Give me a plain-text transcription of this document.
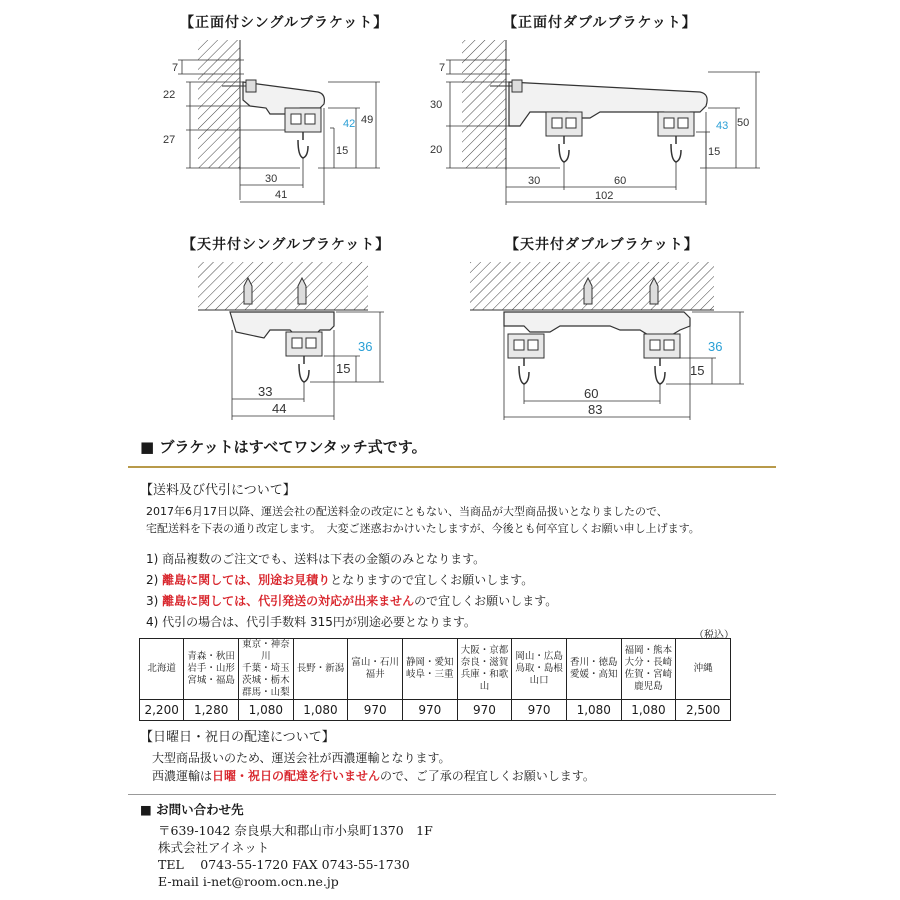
【正面付シングルブラケット】	【正面付ダブルブラケット】
【天井付シングルブラケット】	【天井付ダブルブラケット】
22
27
7
49
42
15
30
41
7
30
20
50
43
15
30	60
102
36
15
33
44
36
15
60
83
■ ブラケットはすべてワンタッチ式です。
【送料及び代引について】
2017年6月17日以降、運送会社の配送料金の改定にともない、当商品が大型商品扱いとなりましたので、
宅配送料を下表の通り改定します。　大変ご迷惑おかけいたしますが、今後とも何卒宜しくお願い申し上げます。
1) 商品複数のご注文でも、送料は下表の金額のみとなります。
2) 離島に関しては、別途お見積りとなりますので宜しくお願いします。
3) 離島に関しては、代引発送の対応が出来ませんので宜しくお願いします。
4) 代引の場合は、代引手数料 315円が別途必要となります。
（税込）
北海道	青森・秋田
岩手・山形
宮城・福島	東京・神奈川
千葉・埼玉
茨城・栃木
群馬・山梨	長野・新潟	富山・石川
福井	静岡・愛知
岐阜・三重	大阪・京都
奈良・滋賀
兵庫・和歌山	岡山・広島
鳥取・島根
山口	香川・徳島
愛媛・高知	福岡・熊本
大分・長崎
佐賀・宮崎
鹿児島	沖縄
2,200	1,280	1,080	1,080	970	970	970	970	1,080	1,080	2,500
【日曜日・祝日の配達について】
大型商品扱いのため、運送会社が西濃運輸となります。
西濃運輸は日曜・祝日の配達を行いませんので、ご了承の程宜しくお願いします。
■ お問い合わせ先
〒639-1042 奈良県大和郡山市小泉町1370　1F
株式会社アイネット
TEL　 0743-55-1720 FAX 0743-55-1730
E-mail i-net@room.ocn.ne.jp
